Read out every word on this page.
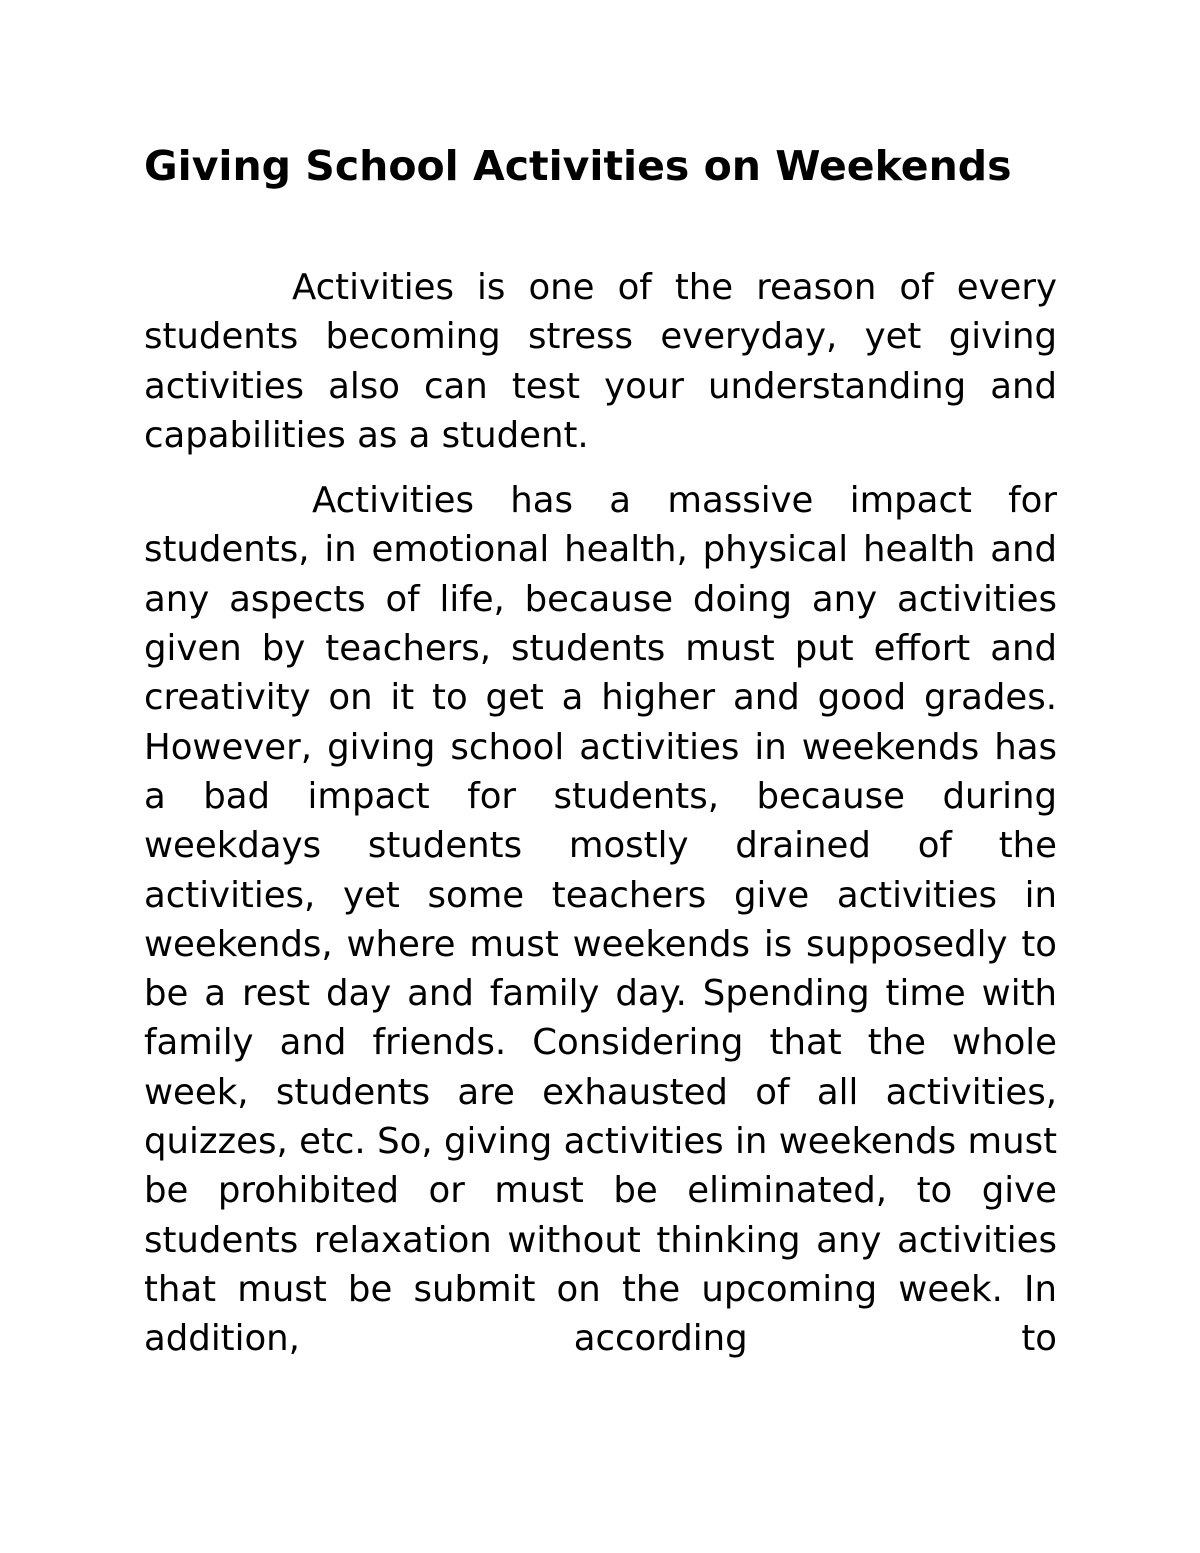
Giving School Activities on Weekends

Activities is one of the reason of every students becoming stress everyday, yet giving activities also can test your understanding and capabilities as a student.

Activities has a massive impact for students, in emotional health, physical health and any aspects of life, because doing any activities given by teachers, students must put effort and creativity on it to get a higher and good grades. However, giving school activities in weekends has a bad impact for students, because during weekdays students mostly drained of the activities, yet some teachers give activities in weekends, where must weekends is supposedly to be a rest day and family day. Spending time with family and friends. Considering that the whole week, students are exhausted of all activities, quizzes, etc. So, giving activities in weekends must be prohibited or must be eliminated, to give students relaxation without thinking any activities that must be submit on the upcoming week. In addition, according to
